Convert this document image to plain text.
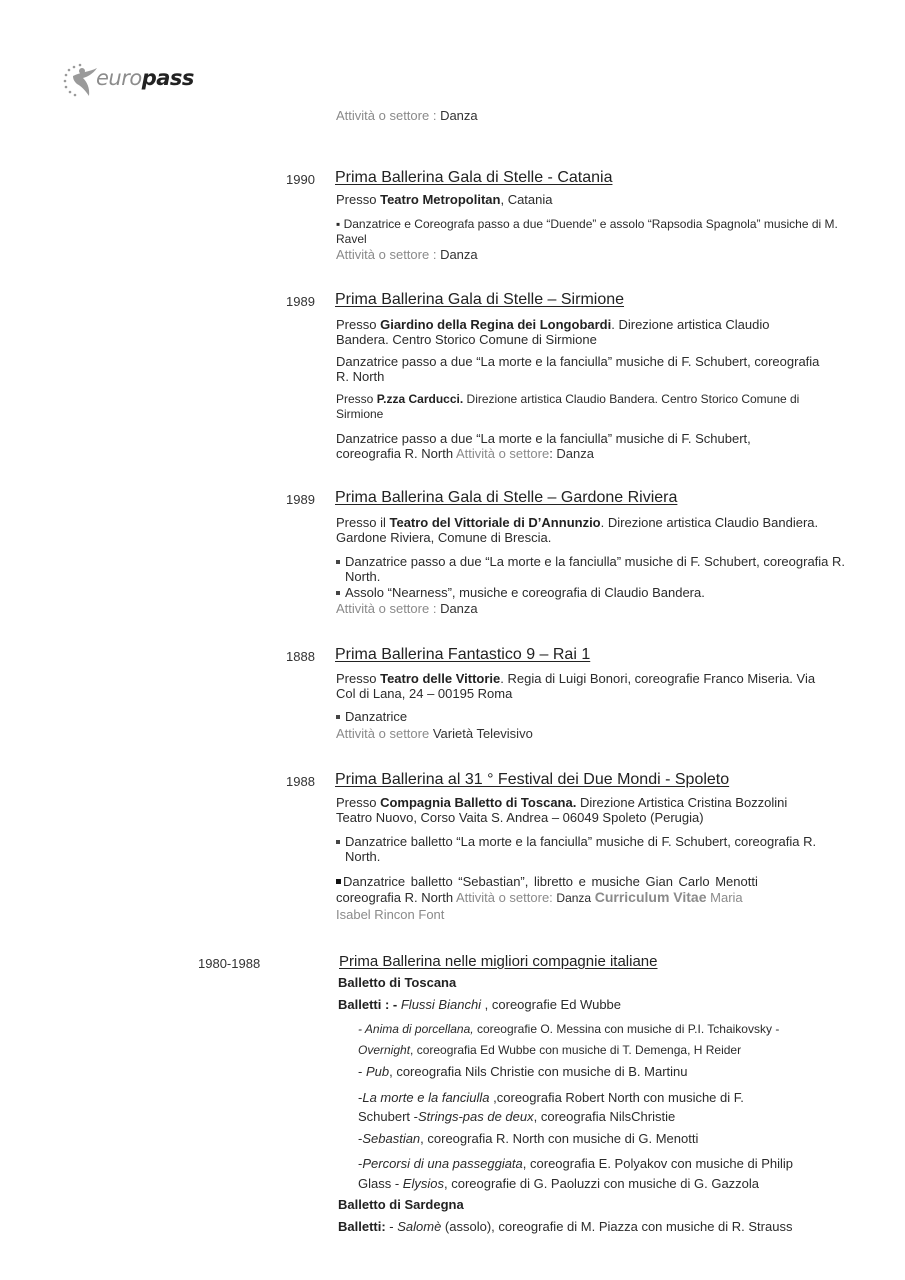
europass
Attività o settore : Danza
1990 Prima Ballerina Gala di Stelle - Catania
Presso Teatro Metropolitan, Catania
▪ Danzatrice e Coreografa passo a due “Duende” e assolo “Rapsodia Spagnola” musiche di M.
Ravel
Attività o settore : Danza
1989 Prima Ballerina Gala di Stelle – Sirmione
Presso Giardino della Regina dei Longobardi. Direzione artistica Claudio
Bandera. Centro Storico Comune di Sirmione
Danzatrice passo a due “La morte e la fanciulla” musiche di F. Schubert, coreografia
R. North
Presso P.zza Carducci. Direzione artistica Claudio Bandera. Centro Storico Comune di
Sirmione
Danzatrice passo a due “La morte e la fanciulla” musiche di F. Schubert,
coreografia R. North Attività o settore: Danza
1989 Prima Ballerina Gala di Stelle – Gardone Riviera
Presso il Teatro del Vittoriale di D’Annunzio. Direzione artistica Claudio Bandiera.
Gardone Riviera, Comune di Brescia.
Danzatrice passo a due “La morte e la fanciulla” musiche di F. Schubert, coreografia R.
North.
Assolo “Nearness”, musiche e coreografia di Claudio Bandera.
Attività o settore : Danza
1888 Prima Ballerina Fantastico 9 – Rai 1
Presso Teatro delle Vittorie. Regia di Luigi Bonori, coreografie Franco Miseria. Via
Col di Lana, 24 – 00195 Roma
Danzatrice
Attività o settore Varietà Televisivo
1988 Prima Ballerina al 31 ° Festival dei Due Mondi - Spoleto
Presso Compagnia Balletto di Toscana. Direzione Artistica Cristina Bozzolini
Teatro Nuovo, Corso Vaita S. Andrea – 06049 Spoleto (Perugia)
Danzatrice balletto “La morte e la fanciulla” musiche di F. Schubert, coreografia R.
North.
Danzatrice balletto “Sebastian”, libretto e musiche Gian Carlo Menotti
coreografia R. North Attività o settore: Danza Curriculum Vitae Maria
Isabel Rincon Font
1980-1988	Prima Ballerina nelle migliori compagnie italiane
Balletto di Toscana
Balletti : - Flussi Bianchi , coreografie Ed Wubbe
- Anima di porcellana, coreografie O. Messina con musiche di P.I. Tchaikovsky -
Overnight, coreografia Ed Wubbe con musiche di T. Demenga, H Reider
- Pub, coreografia Nils Christie con musiche di B. Martinu
-La morte e la fanciulla ,coreografia Robert North con musiche di F.
Schubert -Strings-pas de deux, coreografia NilsChristie
-Sebastian, coreografia R. North con musiche di G. Menotti
-Percorsi di una passeggiata, coreografia E. Polyakov con musiche di Philip
Glass - Elysios, coreografie di G. Paoluzzi con musiche di G. Gazzola
Balletto di Sardegna
Balletti: - Salomè (assolo), coreografie di M. Piazza con musiche di R. Strauss
